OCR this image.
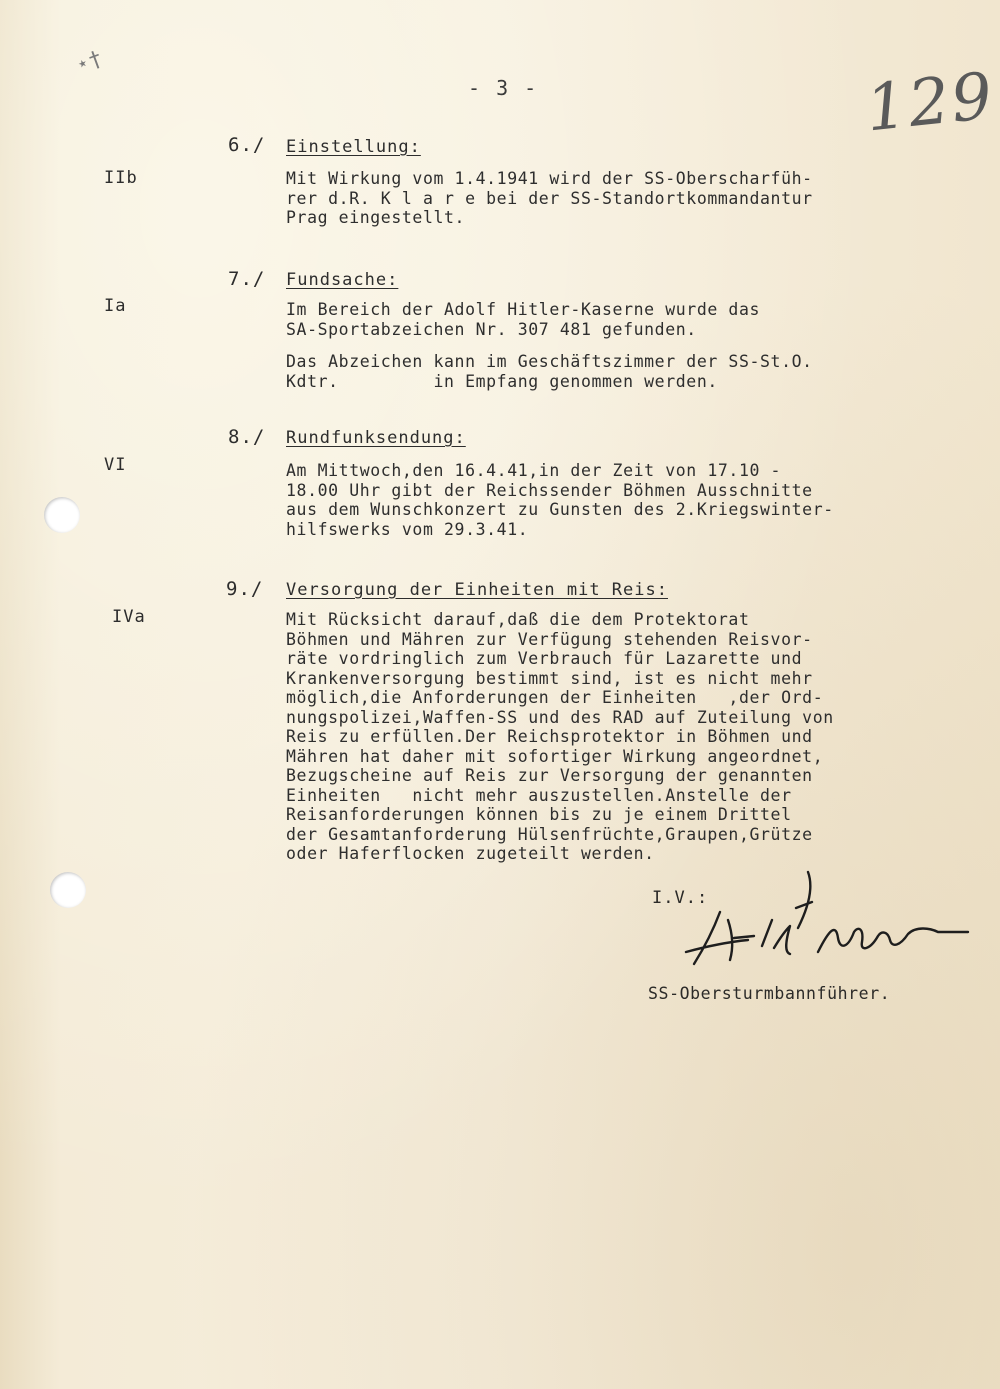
⋆†
- 3 -	129
6./
IIb
Einstellung:
Mit Wirkung vom 1.4.1941 wird der SS-Oberscharfüh-
rer d.R. K l a r e bei der SS-Standortkommandantur
Prag eingestellt.
7./
Ia
Fundsache:
Im Bereich der Adolf Hitler-Kaserne wurde das
SA-Sportabzeichen Nr. 307 481 gefunden.
Das Abzeichen kann im Geschäftszimmer der SS-St.O.
Kdtr.         in Empfang genommen werden.
8./
VI
Rundfunksendung:
Am Mittwoch,den 16.4.41,in der Zeit von 17.10 -
18.00 Uhr gibt der Reichssender Böhmen Ausschnitte
aus dem Wunschkonzert zu Gunsten des 2.Kriegswinter-
hilfswerks vom 29.3.41.
9./
IVa
Versorgung der Einheiten mit Reis:
Mit Rücksicht darauf,daß die dem Protektorat
Böhmen und Mähren zur Verfügung stehenden Reisvor-
räte vordringlich zum Verbrauch für Lazarette und
Krankenversorgung bestimmt sind, ist es nicht mehr
möglich,die Anforderungen der Einheiten   ,der Ord-
nungspolizei,Waffen-SS und des RAD auf Zuteilung von
Reis zu erfüllen.Der Reichsprotektor in Böhmen und
Mähren hat daher mit sofortiger Wirkung angeordnet,
Bezugscheine auf Reis zur Versorgung der genannten
Einheiten   nicht mehr auszustellen.Anstelle der
Reisanforderungen können bis zu je einem Drittel
der Gesamtanforderung Hülsenfrüchte,Graupen,Grütze
oder Haferflocken zugeteilt werden.
I.V.:
SS-Obersturmbannführer.
